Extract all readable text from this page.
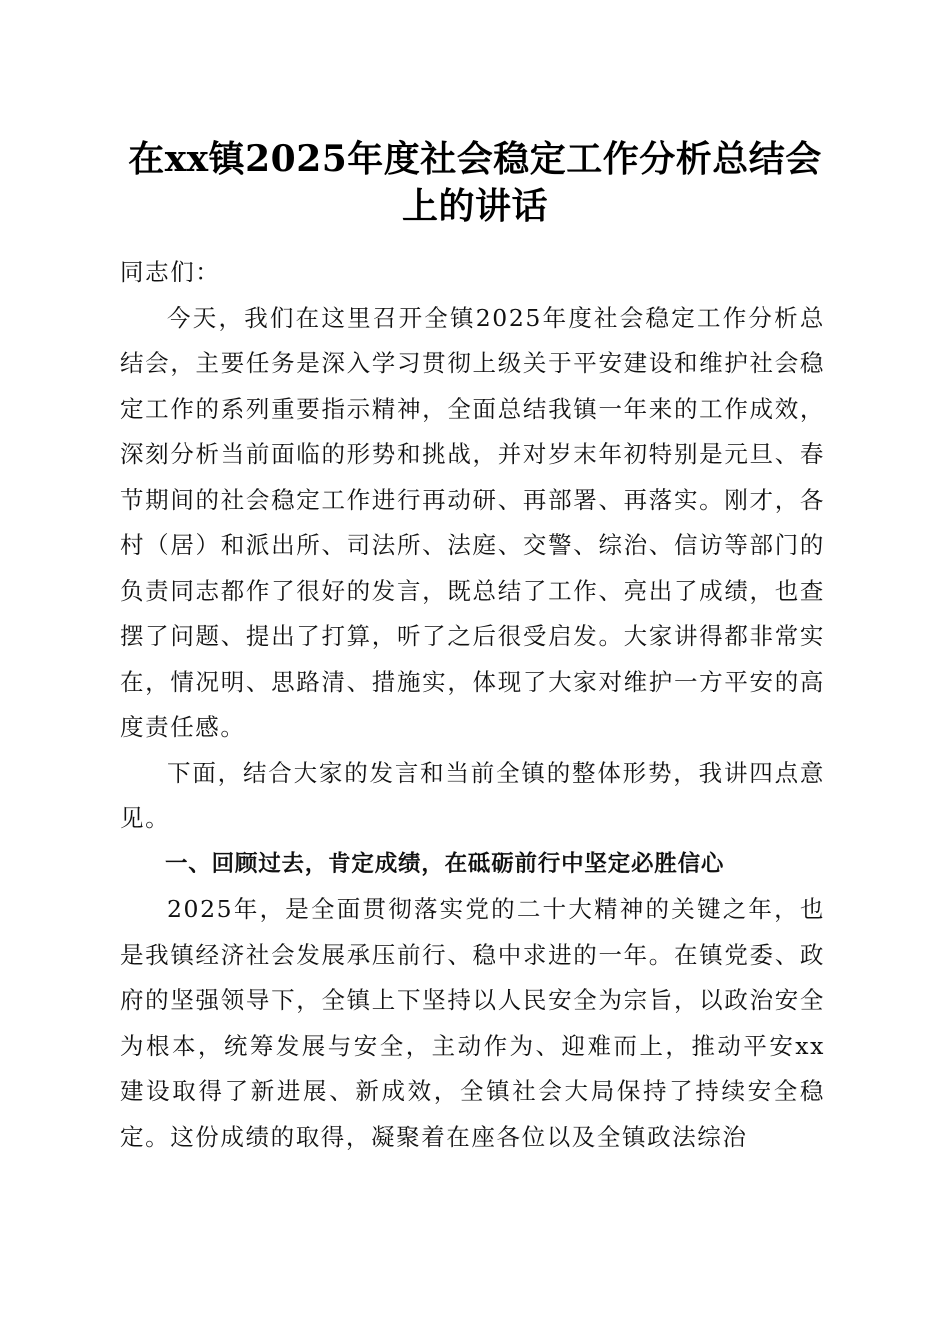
在xx镇2025年度社会稳定工作分析总结会上的讲话

同志们：

今天，我们在这里召开全镇2025年度社会稳定工作分析总结会，主要任务是深入学习贯彻上级关于平安建设和维护社会稳定工作的系列重要指示精神，全面总结我镇一年来的工作成效，深刻分析当前面临的形势和挑战，并对岁末年初特别是元旦、春节期间的社会稳定工作进行再动研、再部署、再落实。刚才，各村（居）和派出所、司法所、法庭、交警、综治、信访等部门的负责同志都作了很好的发言，既总结了工作、亮出了成绩，也查摆了问题、提出了打算，听了之后很受启发。大家讲得都非常实在，情况明、思路清、措施实，体现了大家对维护一方平安的高度责任感。

下面，结合大家的发言和当前全镇的整体形势，我讲四点意见。

一、回顾过去，肯定成绩，在砥砺前行中坚定必胜信心

2025年，是全面贯彻落实党的二十大精神的关键之年，也是我镇经济社会发展承压前行、稳中求进的一年。在镇党委、政府的坚强领导下，全镇上下坚持以人民安全为宗旨，以政治安全为根本，统筹发展与安全，主动作为、迎难而上，推动平安xx建设取得了新进展、新成效，全镇社会大局保持了持续安全稳定。这份成绩的取得，凝聚着在座各位以及全镇政法综治
